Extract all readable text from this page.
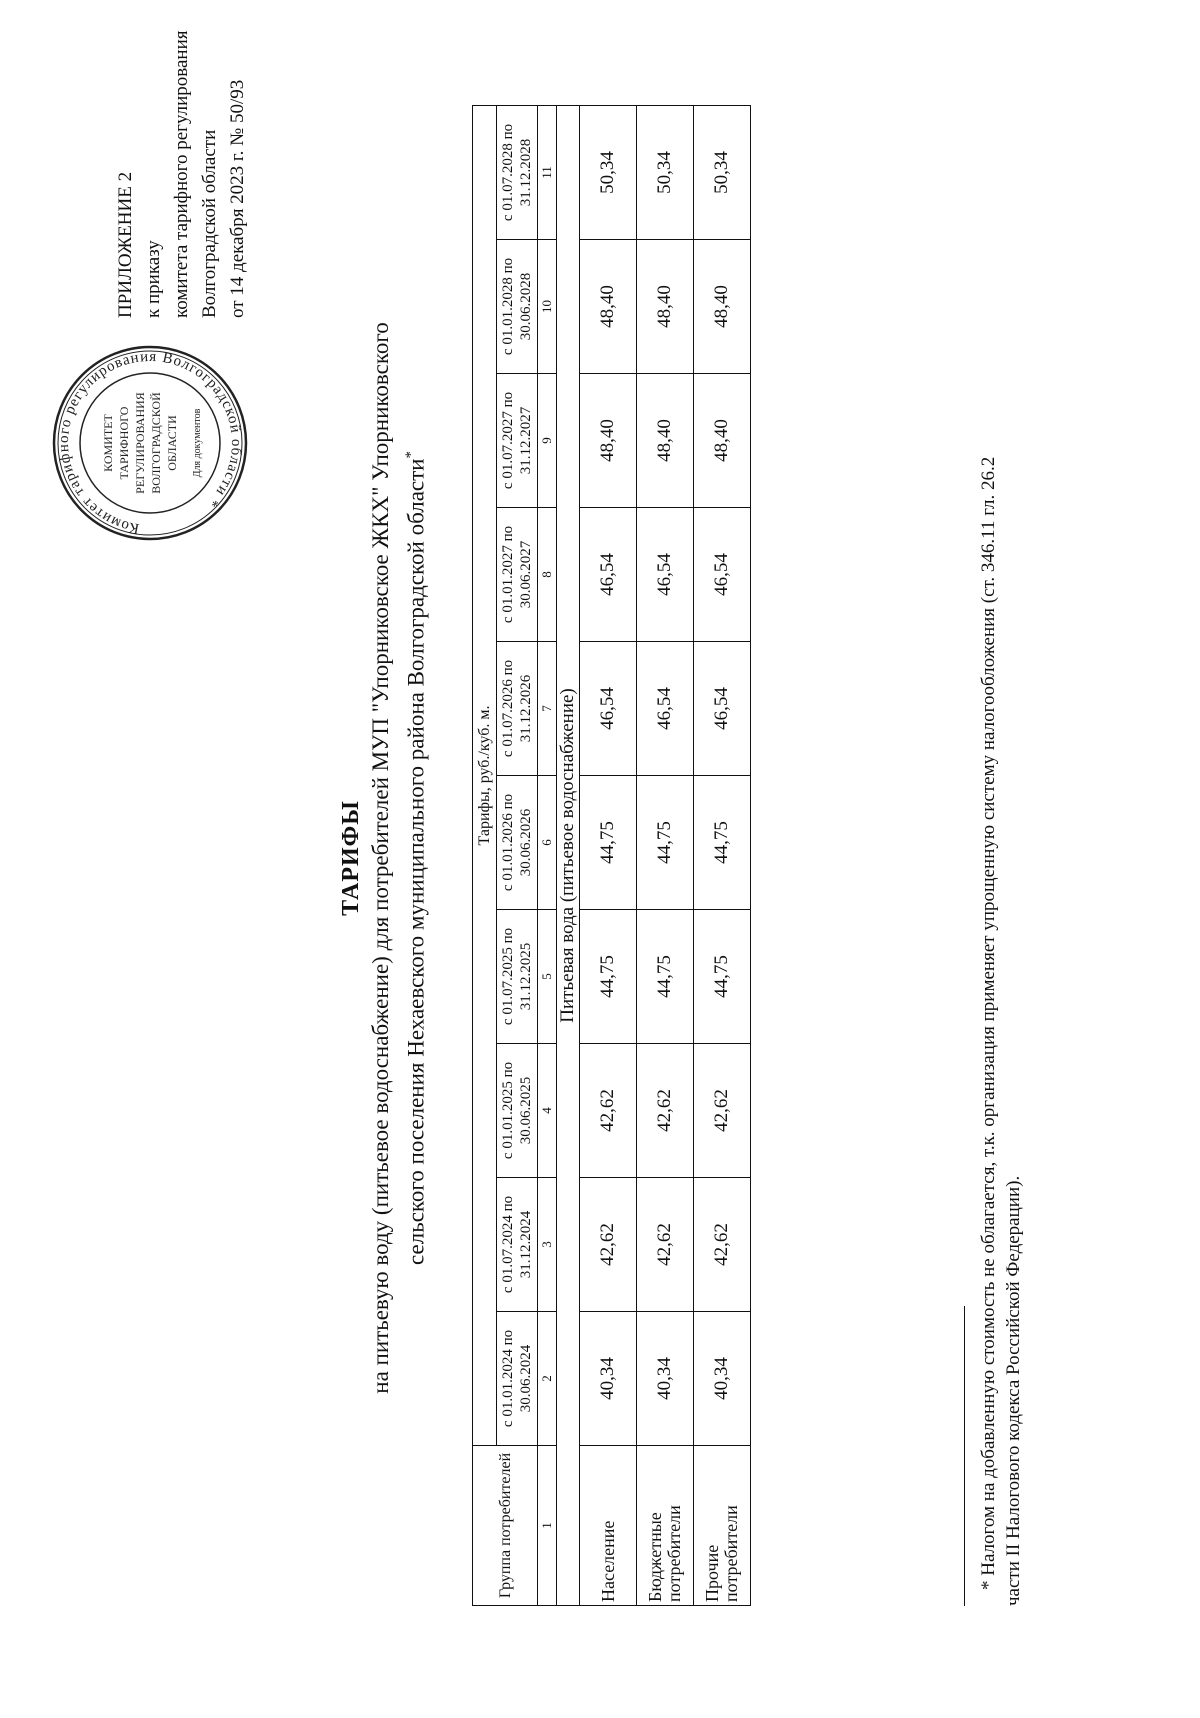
Комитет тарифного регулирования Волгоградской области *
КОМИТЕТ ТАРИФНОГО РЕГУЛИРОВАНИЯ ВОЛГОГРАДСКОЙ ОБЛАСТИ Для документов
ПРИЛОЖЕНИЕ 2 к приказу комитета тарифного регулирования Волгоградской области от 14 декабря 2023 г. № 50/93
ТАРИФЫ на питьевую воду (питьевое водоснабжение) для потребителей МУП "Упорниковское ЖКХ" Упорниковского сельского поселения Нехаевского муниципального района Волгоградской области*
Группа потребителей	Тарифы, руб./куб. м.									
	с 01.01.2024 по 30.06.2024	с 01.07.2024 по 31.12.2024	с 01.01.2025 по 30.06.2025	с 01.07.2025 по 31.12.2025	с 01.01.2026 по 30.06.2026	с 01.07.2026 по 31.12.2026	с 01.01.2027 по 30.06.2027	с 01.07.2027 по 31.12.2027	с 01.01.2028 по 30.06.2028	с 01.07.2028 по 31.12.2028
1	2	3	4	5	6	7	8	9	10	11
Питьевая вода (питьевое водоснабжение)										
Население	40,34	42,62	42,62	44,75	44,75	46,54	46,54	48,40	48,40	50,34
Бюджетные потребители	40,34	42,62	42,62	44,75	44,75	46,54	46,54	48,40	48,40	50,34
Прочие потребители	40,34	42,62	42,62	44,75	44,75	46,54	46,54	48,40	48,40	50,34
* Налогом на добавленную стоимость не облагается, т.к. организация применяет упрощенную систему налогообложения (ст. 346.11 гл. 26.2 части II Налогового кодекса Российской Федерации).
